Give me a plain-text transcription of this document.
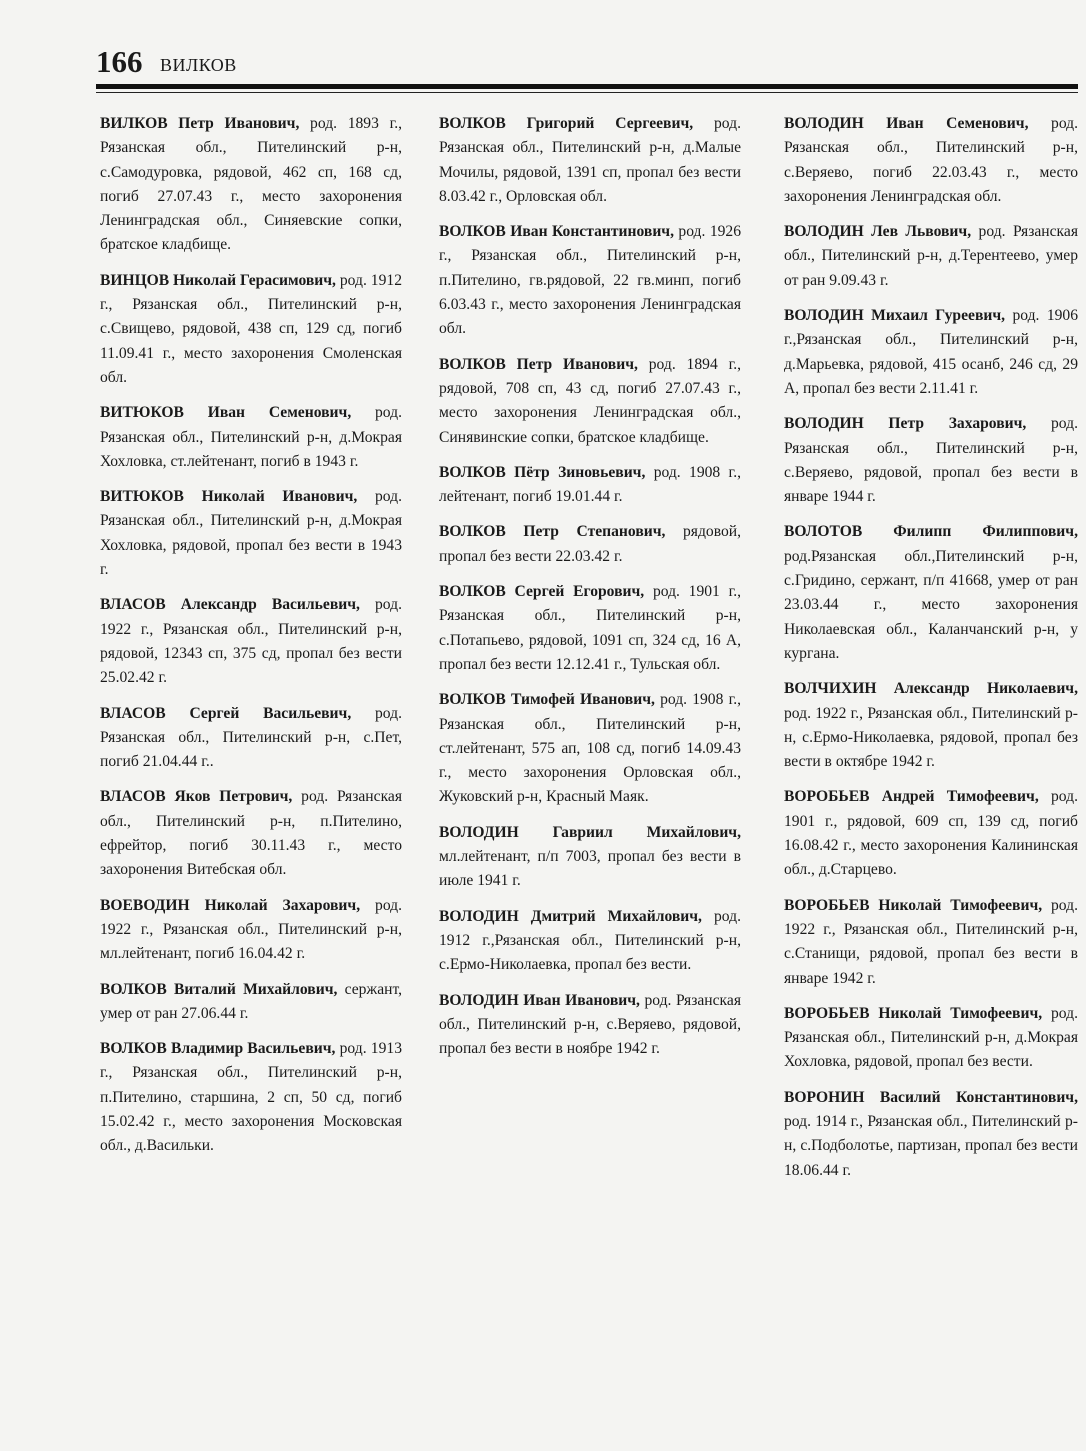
166 ВИЛКОВ

ВИЛКОВ Петр Иванович, род. 1893 г., Рязанская обл., Пителинский р-н, с.Самодуровка, рядовой, 462 сп, 168 сд, погиб 27.07.43 г., место захоронения Ленинградская обл., Синяевские сопки, братское кладбище.

ВИНЦОВ Николай Герасимович, род. 1912 г., Рязанская обл., Пителинский р-н, с.Свищево, рядовой, 438 сп, 129 сд, погиб 11.09.41 г., место захоронения Смоленская обл.

ВИТЮКОВ Иван Семенович, род. Рязанская обл., Пителинский р-н, д.Мокрая Хохловка, ст.лейтенант, погиб в 1943 г.

ВИТЮКОВ Николай Иванович, род. Рязанская обл., Пителинский р-н, д.Мокрая Хохловка, рядовой, пропал без вести в 1943 г.

ВЛАСОВ Александр Васильевич, род. 1922 г., Рязанская обл., Пителинский р-н, рядовой, 12343 сп, 375 сд, пропал без вести 25.02.42 г.

ВЛАСОВ Сергей Васильевич, род. Рязанская обл., Пителинский р-н, с.Пет, погиб 21.04.44 г..

ВЛАСОВ Яков Петрович, род. Рязанская обл., Пителинский р-н, п.Пителино, ефрейтор, погиб 30.11.43 г., место захоронения Витебская обл.

ВОЕВОДИН Николай Захарович, род. 1922 г., Рязанская обл., Пителинский р-н, мл.лейтенант, погиб 16.04.42 г.

ВОЛКОВ Виталий Михайлович, сержант, умер от ран 27.06.44 г.

ВОЛКОВ Владимир Васильевич, род. 1913 г., Рязанская обл., Пителинский р-н, п.Пителино, старшина, 2 сп, 50 сд, погиб 15.02.42 г., место захоронения Московская обл., д.Васильки.

ВОЛКОВ Григорий Сергеевич, род. Рязанская обл., Пителинский р-н, д.Малые Мочилы, рядовой, 1391 сп, пропал без вести 8.03.42 г., Орловская обл.

ВОЛКОВ Иван Константинович, род. 1926 г., Рязанская обл., Пителинский р-н, п.Пителино, гв.рядовой, 22 гв.минп, погиб 6.03.43 г., место захоронения Ленинградская обл.

ВОЛКОВ Петр Иванович, род. 1894 г., рядовой, 708 сп, 43 сд, погиб 27.07.43 г., место захоронения Ленинградская обл., Синявинские сопки, братское кладбище.

ВОЛКОВ Пётр Зиновьевич, род. 1908 г., лейтенант, погиб 19.01.44 г.

ВОЛКОВ Петр Степанович, рядовой, пропал без вести 22.03.42 г.

ВОЛКОВ Сергей Егорович, род. 1901 г., Рязанская обл., Пителинский р-н, с.Потапьево, рядовой, 1091 сп, 324 сд, 16 А, пропал без вести 12.12.41 г., Тульская обл.

ВОЛКОВ Тимофей Иванович, род. 1908 г., Рязанская обл., Пителинский р-н, ст.лейтенант, 575 ап, 108 сд, погиб 14.09.43 г., место захоронения Орловская обл., Жуковский р-н, Красный Маяк.

ВОЛОДИН Гавриил Михайлович, мл.лейтенант, п/п 7003, пропал без вести в июле 1941 г.

ВОЛОДИН Дмитрий Михайлович, род. 1912 г.,Рязанская обл., Пителинский р-н, с.Ермо-Николаевка, пропал без вести.

ВОЛОДИН Иван Иванович, род. Рязанская обл., Пителинский р-н, с.Веряево, рядовой, пропал без вести в ноябре 1942 г.

ВОЛОДИН Иван Семенович, род. Рязанская обл., Пителинский р-н, с.Веряево, погиб 22.03.43 г., место захоронения Ленинградская обл.

ВОЛОДИН Лев Львович, род. Рязанская обл., Пителинский р-н, д.Терентеево, умер от ран 9.09.43 г.

ВОЛОДИН Михаил Гуреевич, род. 1906 г.,Рязанская обл., Пителинский р-н, д.Марьевка, рядовой, 415 осанб, 246 сд, 29 А, пропал без вести 2.11.41 г.

ВОЛОДИН Петр Захарович, род. Рязанская обл., Пителинский р-н, с.Веряево, рядовой, пропал без вести в январе 1944 г.

ВОЛОТОВ Филипп Филиппович, род.Рязанская обл.,Пителинский р-н, с.Гридино, сержант, п/п 41668, умер от ран 23.03.44 г., место захоронения Николаевская обл., Каланчанский р-н, у кургана.

ВОЛЧИХИН Александр Николаевич, род. 1922 г., Рязанская обл., Пителинский р-н, с.Ермо-Николаевка, рядовой, пропал без вести в октябре 1942 г.

ВОРОБЬЕВ Андрей Тимофеевич, род. 1901 г., рядовой, 609 сп, 139 сд, погиб 16.08.42 г., место захоронения Калининская обл., д.Старцево.

ВОРОБЬЕВ Николай Тимофеевич, род. 1922 г., Рязанская обл., Пителинский р-н, с.Станищи, рядовой, пропал без вести в январе 1942 г.

ВОРОБЬЕВ Николай Тимофеевич, род. Рязанская обл., Пителинский р-н, д.Мокрая Хохловка, рядовой, пропал без вести.

ВОРОНИН Василий Константинович, род. 1914 г., Рязанская обл., Пителинский р-н, с.Подболотье, партизан, пропал без вести 18.06.44 г.
